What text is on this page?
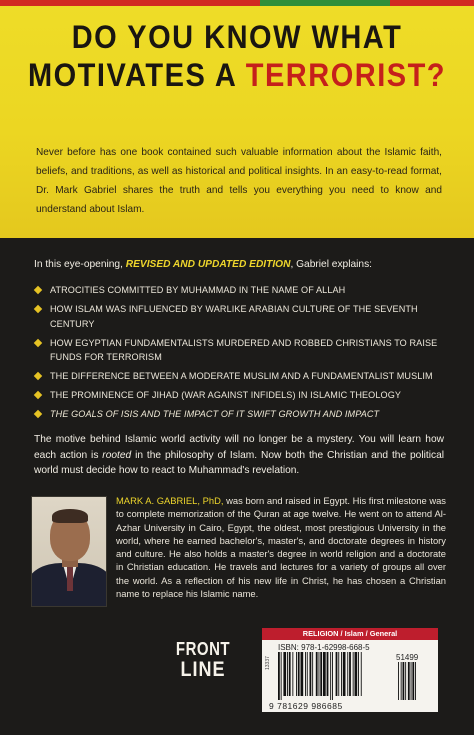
DO YOU KNOW WHAT
MOTIVATES A TERRORIST?

Never before has one book contained such valuable information about the Islamic faith, beliefs, and traditions, as well as historical and political insights. In an easy-to-read format, Dr. Mark Gabriel shares the truth and tells you everything you need to know and understand about Islam.

In this eye-opening, REVISED AND UPDATED EDITION, Gabriel explains:

ATROCITIES COMMITTED BY MUHAMMAD IN THE NAME OF ALLAH
HOW ISLAM WAS INFLUENCED BY WARLIKE ARABIAN CULTURE OF THE SEVENTH CENTURY
HOW EGYPTIAN FUNDAMENTALISTS MURDERED AND ROBBED CHRISTIANS TO RAISE FUNDS FOR TERRORISM
THE DIFFERENCE BETWEEN A MODERATE MUSLIM AND A FUNDAMENTALIST MUSLIM
THE PROMINENCE OF JIHAD (WAR AGAINST INFIDELS) IN ISLAMIC THEOLOGY
THE GOALS OF ISIS AND THE IMPACT OF IT SWIFT GROWTH AND IMPACT

The motive behind Islamic world activity will no longer be a mystery. You will learn how each action is rooted in the philosophy of Islam. Now both the Christian and the political world must decide how to react to Muhammad's revelation.

MARK A. GABRIEL, PhD, was born and raised in Egypt. His first milestone was to complete memorization of the Quran at age twelve. He went on to attend Al-Azhar University in Cairo, Egypt, the oldest, most prestigious University in the world, where he earned bachelor's, master's, and doctorate degrees in history and culture. He also holds a master's degree in world religion and a doctorate in Christian education. He travels and lectures for a variety of groups all over the world. As a reflection of his new life in Christ, he has chosen a Christian name to replace his Islamic name.

FRONT
LINE
RELIGION / Islam / General
ISBN: 978-1-62998-668-5
51499
13337
9 781629 986685
